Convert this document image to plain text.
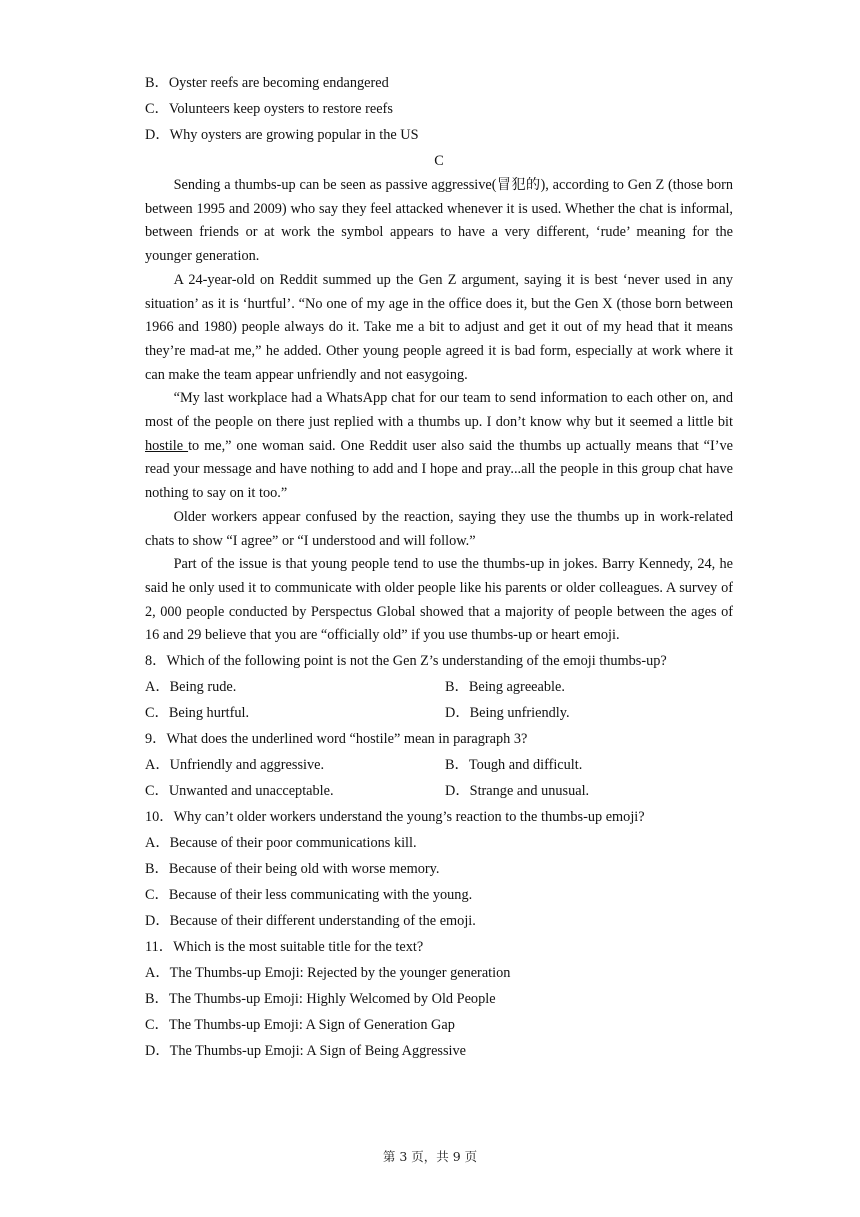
B．Oyster reefs are becoming endangered
C．Volunteers keep oysters to restore reefs
D．Why oysters are growing popular in the US
C

Sending a thumbs-up can be seen as passive aggressive(冒犯的), according to Gen Z (those born between 1995 and 2009) who say they feel attacked whenever it is used. Whether the chat is informal, between friends or at work the symbol appears to have a very different, ‘rude’ meaning for the younger generation.

A 24-year-old on Reddit summed up the Gen Z argument, saying it is best ‘never used in any situation’ as it is ‘hurtful’. “No one of my age in the office does it, but the Gen X (those born between 1966 and 1980) people always do it. Take me a bit to adjust and get it out of my head that it means they’re mad-at me,” he added. Other young people agreed it is bad form, especially at work where it can make the team appear unfriendly and not easygoing.

“My last workplace had a WhatsApp chat for our team to send information to each other on, and most of the people on there just replied with a thumbs up. I don’t know why but it seemed a little bit hostile to me,” one woman said. One Reddit user also said the thumbs up actually means that “I’ve read your message and have nothing to add and I hope and pray...all the people in this group chat have nothing to say on it too.”

Older workers appear confused by the reaction, saying they use the thumbs up in work-related chats to show “I agree” or “I understood and will follow.”

Part of the issue is that young people tend to use the thumbs-up in jokes. Barry Kennedy, 24, he said he only used it to communicate with older people like his parents or older colleagues. A survey of 2, 000 people conducted by Perspectus Global showed that a majority of people between the ages of 16 and 29 believe that you are “officially old” if you use thumbs-up or heart emoji.

8．Which of the following point is not the Gen Z’s understanding of the emoji thumbs-up?
A．Being rude.	B．Being agreeable.
C．Being hurtful.	D．Being unfriendly.
9．What does the underlined word “hostile” mean in paragraph 3?
A．Unfriendly and aggressive.	B．Tough and difficult.
C．Unwanted and unacceptable.	D．Strange and unusual.
10．Why can’t older workers understand the young’s reaction to the thumbs-up emoji?
A．Because of their poor communications kill.
B．Because of their being old with worse memory.
C．Because of their less communicating with the young.
D．Because of their different understanding of the emoji.
11．Which is the most suitable title for the text?
A．The Thumbs-up Emoji: Rejected by the younger generation
B．The Thumbs-up Emoji: Highly Welcomed by Old People
C．The Thumbs-up Emoji: A Sign of Generation Gap
D．The Thumbs-up Emoji: A Sign of Being Aggressive
第 3 页，共 9 页
